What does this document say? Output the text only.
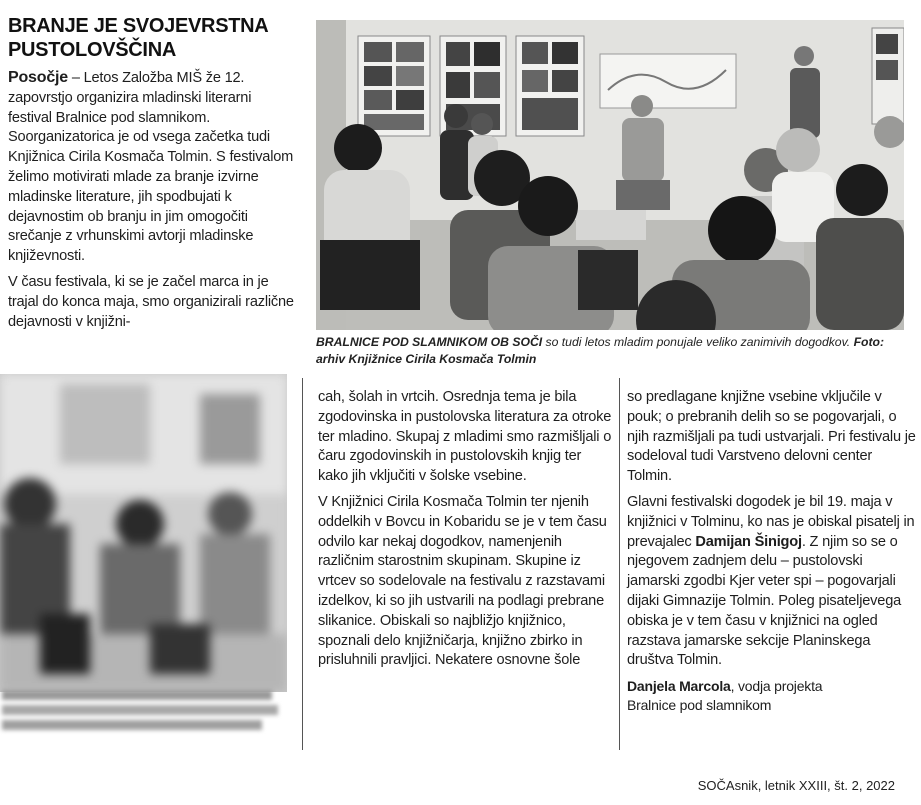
BRANJE JE SVOJEVRSTNA PUSTOLOVŠČINA

Posočje – Letos Založba MIŠ že 12. zapovrstjo organizira mladinski literarni festival Bralnice pod slamnikom. Soorganizatorica je od vsega začetka tudi Knjižnica Cirila Kosmača Tolmin. S festivalom želimo motivirati mlade za branje izvirne mladinske literature, jih spodbujati k dejavnostim ob branju in jim omogočiti srečanje z vrhunskimi avtorji mladinske književnosti.

V času festivala, ki se je začel marca in je trajal do konca maja, smo organizirali različne dejavnosti v knjižni-

BRALNICE POD SLAMNIKOM OB SOČI so tudi letos mladim ponujale veliko zanimivih dogodkov. Foto: arhiv Knjižnice Cirila Kosmača Tolmin

cah, šolah in vrtcih. Osrednja tema je bila zgodovinska in pustolovska literatura za otroke ter mladino. Skupaj z mladimi smo razmišljali o čaru zgodovinskih in pustolovskih knjig ter kako jih vključiti v šolske vsebine.

V Knjižnici Cirila Kosmača Tolmin ter njenih oddelkih v Bovcu in Kobaridu se je v tem času odvilo kar nekaj dogodkov, namenjenih različnim starostnim skupinam. Skupine iz vrtcev so sodelovale na festivalu z razstavami izdelkov, ki so jih ustvarili na podlagi prebrane slikanice. Obiskali so najbližjo knjižnico, spoznali delo knjižničarja, knjižno zbirko in prisluhnili pravljici. Nekatere osnovne šole

so predlagane knjižne vsebine vključile v pouk; o prebranih delih so se pogovarjali, o njih razmišljali pa tudi ustvarjali. Pri festivalu je sodeloval tudi Varstveno delovni center Tolmin.

Glavni festivalski dogodek je bil 19. maja v knjižnici v Tolminu, ko nas je obiskal pisatelj in prevajalec Damijan Šinigoj. Z njim so se o njegovem zadnjem delu – pustolovski jamarski zgodbi Kjer veter spi – pogovarjali dijaki Gimnazije Tolmin. Poleg pisateljevega obiska je v tem času v knjižnici na ogled razstava jamarske sekcije Planinskega društva Tolmin.

Danjela Marcola, vodja projekta
Bralnice pod slamnikom
SOČAsnik, letnik XXIII, št. 2, 2022
